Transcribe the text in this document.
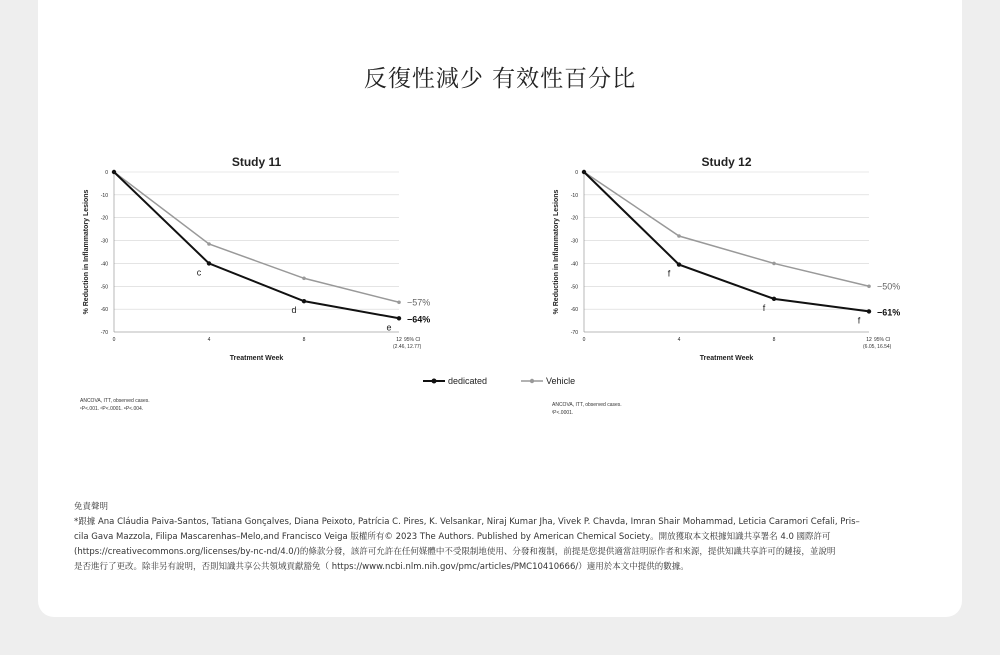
反復性減少 有效性百分比
Study 11
0
-10
-20
-30
-40
-50
-60
-70
0	4	8	12
Treatment Week
% Reduction in Inflammatory Lesions	c
d
e
−57%
−64%
95% CI
(2.46, 12.77)
Study 12
0
-10
-20
-30
-40
-50
-60
-70
0	4	8	12
Treatment Week
% Reduction in Inflammatory Lesions	f
f
f
−50%
−61%
95% CI
(6.05, 16.54)
dedicated	Vehicle
ANCOVA, ITT, observed cases.
ᶜP<.001. ᵈP<.0001. ᵉP<.004.
ANCOVA, ITT, observed cases.
ᶠP<.0001.
免責聲明
*跟據 Ana Cláudia Paiva-Santos, Tatiana Gonçalves, Diana Peixoto, Patrícia C. Pires, K. Velsankar, Niraj Kumar Jha, Vivek P. Chavda, Imran Shair Mohammad, Leticia Caramori Cefali, Pris–
cila Gava Mazzola, Filipa Mascarenhas–Melo,and Francisco Veiga 版權所有© 2023 The Authors. Published by American Chemical Society。開放獲取本文根據知識共享署名 4.0 國際許可
(https://creativecommons.org/licenses/by-nc-nd/4.0/)的條款分發，該許可允許在任何媒體中不受限制地使用、分發和複制，前提是您提供適當註明原作者和來源，提供知識共享許可的鏈接，並說明
是否進行了更改。除非另有說明，否則知識共享公共領域貢獻豁免（ https://www.ncbi.nlm.nih.gov/pmc/articles/PMC10410666/）適用於本文中提供的數據。
